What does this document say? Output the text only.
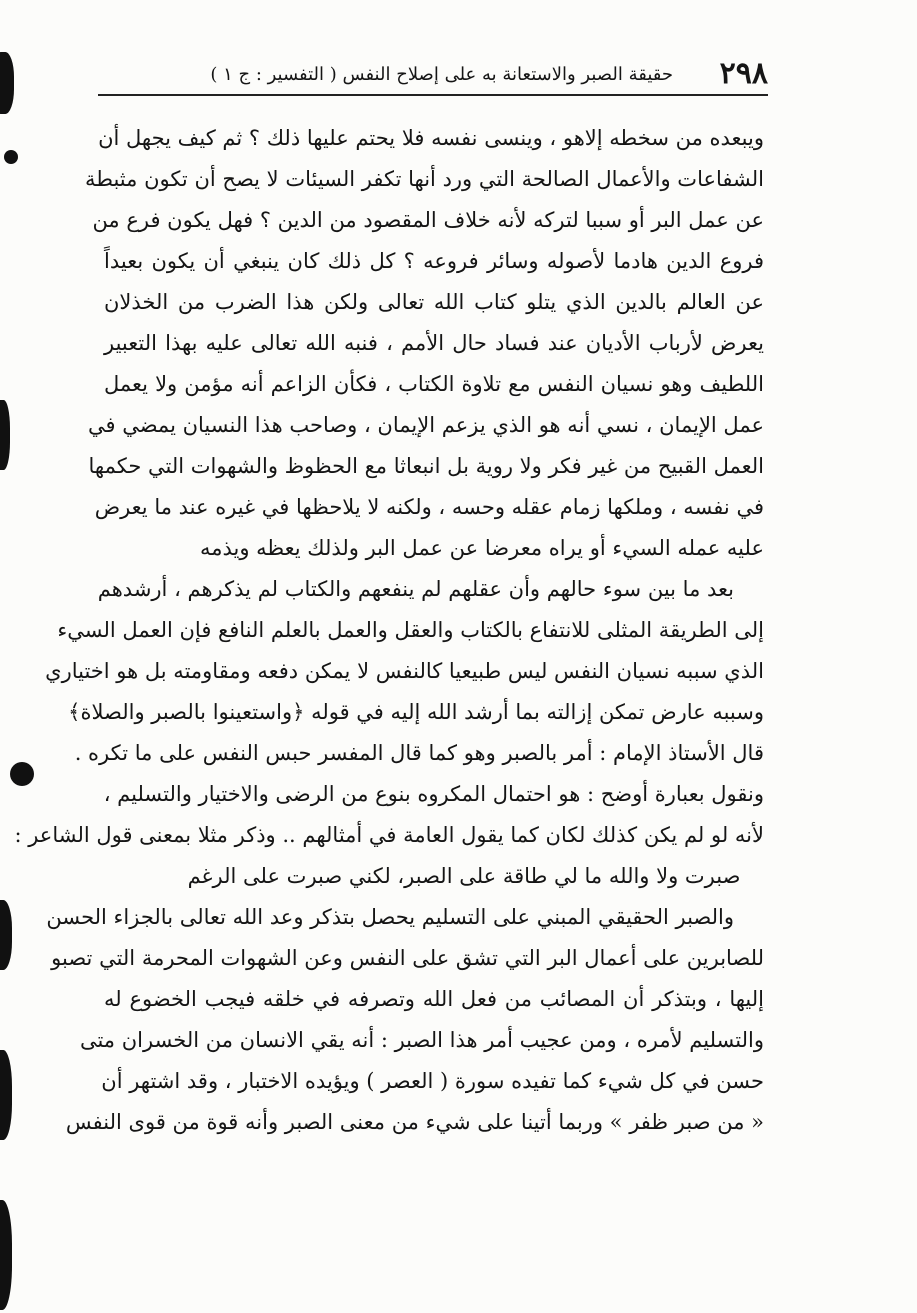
٢٩٨
حقيقة الصبر والاستعانة به على إصلاح النفس ( التفسير : ج ١ )
ويبعده من سخطه إلاهو ، وينسى نفسه فلا يحتم عليها ذلك ؟ ثم كيف يجهل أن
الشفاعات والأعمال الصالحة التي ورد أنها تكفر السيئات لا يصح أن تكون مثبطة
عن عمل البر أو سببا لتركه لأنه خلاف المقصود من الدين ؟ فهل يكون فرع من
فروع الدين هادما لأصوله وسائر فروعه ؟ كل ذلك كان ينبغي أن يكون بعيداً
عن العالم بالدين الذي يتلو كتاب الله تعالى ولكن هذا الضرب من الخذلان
يعرض لأرباب الأديان عند فساد حال الأمم ، فنبه الله تعالى عليه بهذا التعبير
اللطيف وهو نسيان النفس مع تلاوة الكتاب ، فكأن الزاعم أنه مؤمن ولا يعمل
عمل الإيمان ، نسي أنه هو الذي يزعم الإيمان ، وصاحب هذا النسيان يمضي في
العمل القبيح من غير فكر ولا روية بل انبعاثا مع الحظوظ والشهوات التي حكمها
في نفسه ، وملكها زمام عقله وحسه ، ولكنه لا يلاحظها في غيره عند ما يعرض
عليه عمله السيء أو يراه معرضا عن عمل البر ولذلك يعظه ويذمه
بعد ما بين سوء حالهم وأن عقلهم لم ينفعهم والكتاب لم يذكرهم ، أرشدهم
إلى الطريقة المثلى للانتفاع بالكتاب والعقل والعمل بالعلم النافع فإن العمل السيء
الذي سببه نسيان النفس ليس طبيعيا كالنفس لا يمكن دفعه ومقاومته بل هو اختياري
وسببه عارض تمكن إزالته بما أرشد الله إليه في قوله ﴿واستعينوا بالصبر والصلاة﴾
قال الأستاذ الإمام : أمر بالصبر وهو كما قال المفسر حبس النفس على ما تكره .
ونقول بعبارة أوضح : هو احتمال المكروه بنوع من الرضى والاختيار والتسليم ،
لأنه لو لم يكن كذلك لكان كما يقول العامة في أمثالهم .. وذكر مثلا بمعنى قول الشاعر :
صبرت ولا والله ما لي طاقة على الصبر، لكني صبرت على الرغم
والصبر الحقيقي المبني على التسليم يحصل بتذكر وعد الله تعالى بالجزاء الحسن
للصابرين على أعمال البر التي تشق على النفس وعن الشهوات المحرمة التي تصبو
إليها ، وبتذكر أن المصائب من فعل الله وتصرفه في خلقه فيجب الخضوع له
والتسليم لأمره ، ومن عجيب أمر هذا الصبر : أنه يقي الانسان من الخسران متى
حسن في كل شيء كما تفيده سورة ( العصر ) ويؤيده الاختبار ، وقد اشتهر أن
« من صبر ظفر » وربما أتينا على شيء من معنى الصبر وأنه قوة من قوى النفس
